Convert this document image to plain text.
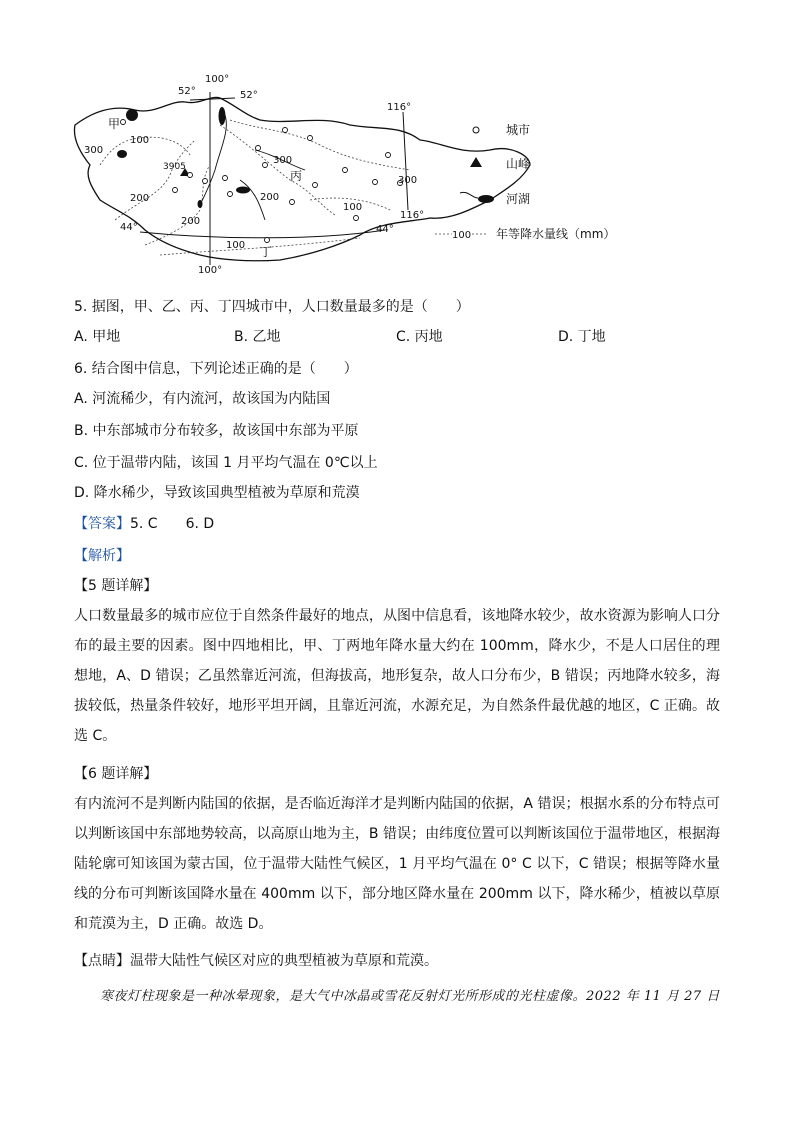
52°
100°
52°
116°
116°
44°	44°
100°
甲
丙
丁
3905
100
300
300
300
200	200
200
100
100
城市
山峰
河湖
100 年等降水量线（mm）
5. 据图，甲、乙、丙、丁四城市中，人口数量最多的是（　　）
A. 甲地	B. 乙地	C. 丙地	D. 丁地
6. 结合图中信息，下列论述正确的是（　　）
A. 河流稀少，有内流河，故该国为内陆国
B. 中东部城市分布较多，故该国中东部为平原
C. 位于温带内陆，该国 1 月平均气温在 0℃以上
D. 降水稀少，导致该国典型植被为草原和荒漠
【答案】5. C　　6. D
【解析】
【5 题详解】
人口数量最多的城市应位于自然条件最好的地点，从图中信息看，该地降水较少，故水资源为影响人口分布的最主要的因素。图中四地相比，甲、丁两地年降水量大约在 100mm，降水少，不是人口居住的理想地，A、D 错误；乙虽然靠近河流，但海拔高，地形复杂，故人口分布少，B 错误；丙地降水较多，海拔较低，热量条件较好，地形平坦开阔，且靠近河流，水源充足，为自然条件最优越的地区，C 正确。故选 C。
【6 题详解】
有内流河不是判断内陆国的依据，是否临近海洋才是判断内陆国的依据，A 错误；根据水系的分布特点可以判断该国中东部地势较高，以高原山地为主，B 错误；由纬度位置可以判断该国位于温带地区，根据海陆轮廓可知该国为蒙古国，位于温带大陆性气候区，1 月平均气温在 0° C 以下，C 错误；根据等降水量线的分布可判断该国降水量在 400mm 以下，部分地区降水量在 200mm 以下，降水稀少，植被以草原和荒漠为主，D 正确。故选 D。
【点睛】温带大陆性气候区对应的典型植被为草原和荒漠。
寒夜灯柱现象是一种冰晕现象，是大气中冰晶或雪花反射灯光所形成的光柱虚像。2022 年 11 月 27 日
